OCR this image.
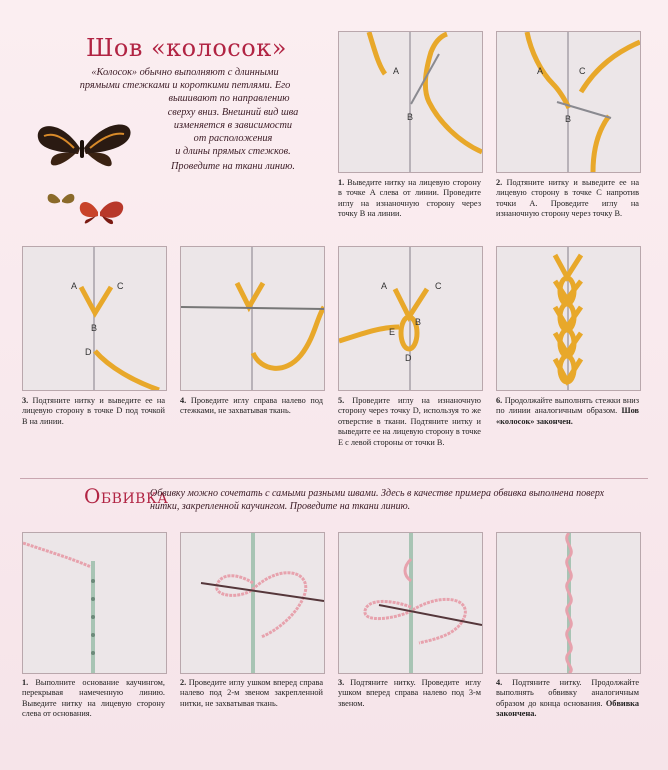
Шов «колосок»
«Колосок» обычно выполняют с длинными
прямыми стежками и короткими петлями. Его
вышивают по направлению
сверху вниз. Внешний вид шва
изменяется в зависимости
от расположения
и длины прямых стежков.
Проведите на ткани линию.
A
B
1. Выведите нитку на лицевую сторону в точке A слева от линии. Проведите иглу на изнаночную сторону через точку B на линии.
A	C
B
2. Подтяните нитку и выведите ее на лицевую сторону в точке C напротив точки A. Проведите иглу на изнаночную сторону через точку B.
A	C
B
D
3. Подтяните нитку и выведите ее на лицевую сторону в точке D под точкой B на линии.
4. Проведите иглу справа налево под стежками, не захватывая ткань.
A	C
B
E
D
5. Проведите иглу на изнаночную сторону через точку D, используя то же отверстие в ткани. Подтяните нитку и выведите ее на лицевую сторону в точке E с левой стороны от точки B.
6. Продолжайте выполнять стежки вниз по линии аналогичным образом. Шов «колосок» закончен.
Обвивка
Обвивку можно сочетать с самыми разными швами. Здесь в качестве примера обвивка выполнена поверх нитки, закрепленной каучингом. Проведите на ткани линию.
1. Выполните основание каучингом, перекрывая намеченную линию. Выведите нитку на лицевую сторону слева от основания.
2. Проведите иглу ушком вперед справа налево под 2-м звеном закрепленной нитки, не захватывая ткань.
3. Подтяните нитку. Проведите иглу ушком вперед справа налево под 3-м звеном.
4. Подтяните нитку. Продолжайте выполнять обвивку аналогичным образом до конца основания. Обвивка закончена.
